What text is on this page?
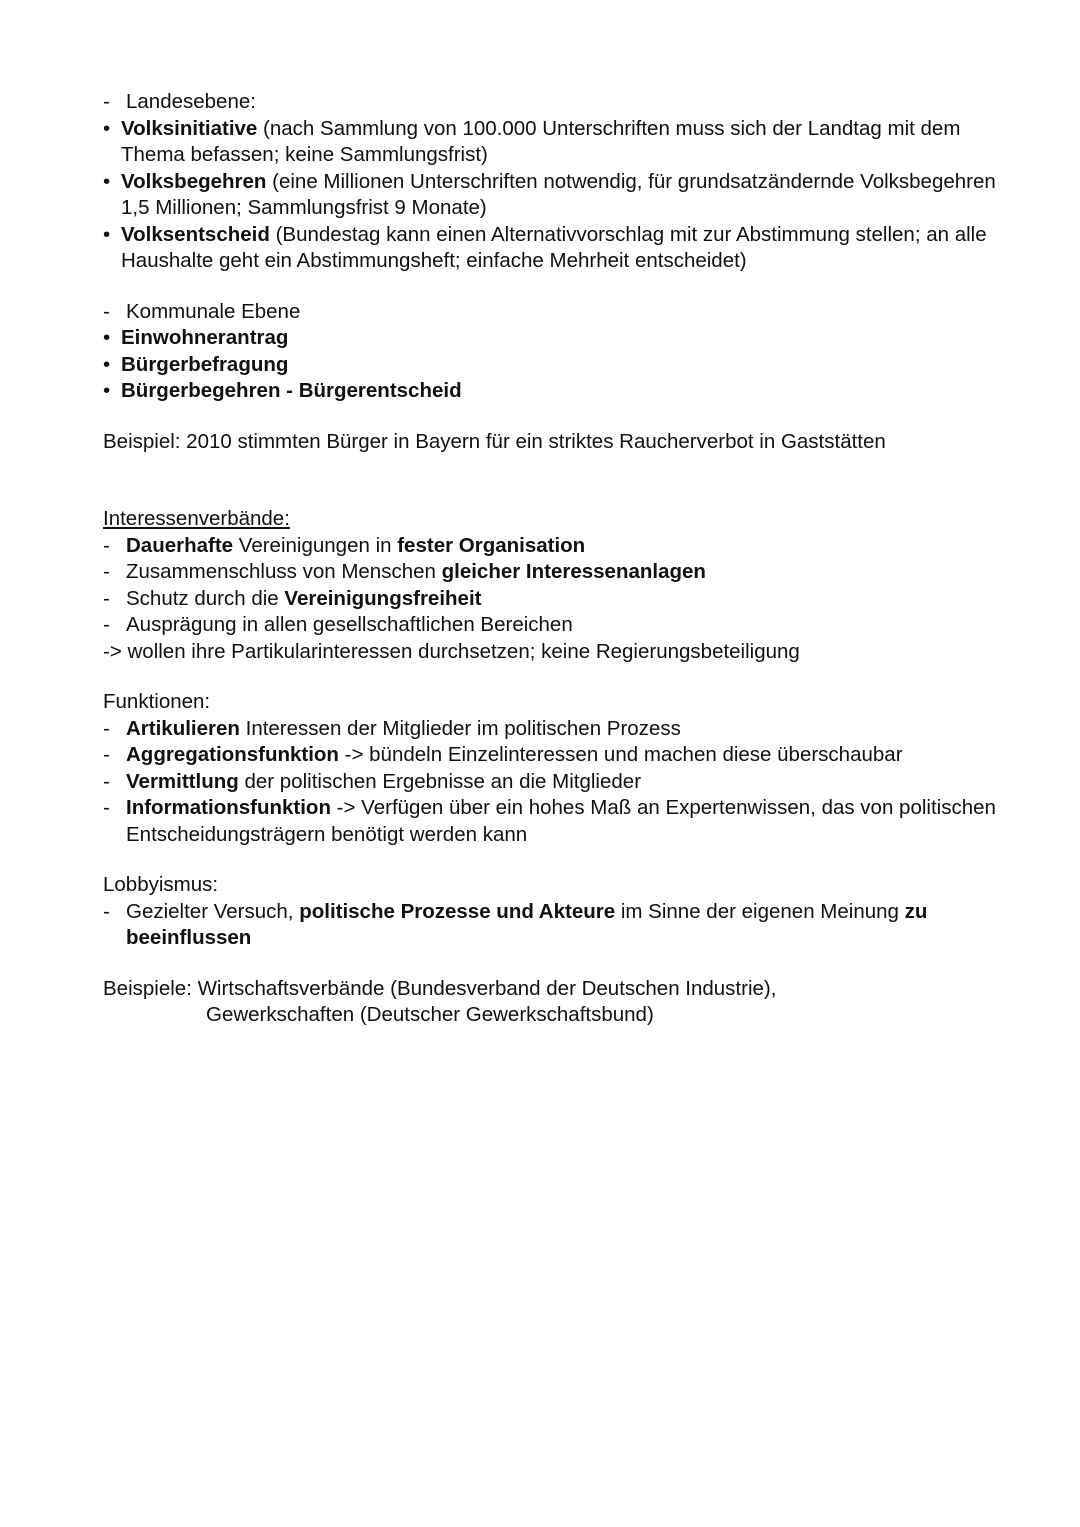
- Landesebene:
• Volksinitiative (nach Sammlung von 100.000 Unterschriften muss sich der Landtag mit dem Thema befassen; keine Sammlungsfrist)
• Volksbegehren (eine Millionen Unterschriften notwendig, für grundsatzändernde Volksbegehren 1,5 Millionen; Sammlungsfrist 9 Monate)
• Volksentscheid (Bundestag kann einen Alternativvorschlag mit zur Abstimmung stellen; an alle Haushalte geht ein Abstimmungsheft; einfache Mehrheit entscheidet)
- Kommunale Ebene
• Einwohnerantrag
• Bürgerbefragung
• Bürgerbegehren - Bürgerentscheid
Beispiel: 2010 stimmten Bürger in Bayern für ein striktes Raucherverbot in Gaststätten
Interessenverbände:
- Dauerhafte Vereinigungen in fester Organisation
- Zusammenschluss von Menschen gleicher Interessenanlagen
- Schutz durch die Vereinigungsfreiheit
- Ausprägung in allen gesellschaftlichen Bereichen
-> wollen ihre Partikularinteressen durchsetzen; keine Regierungsbeteiligung
Funktionen:
- Artikulieren Interessen der Mitglieder im politischen Prozess
- Aggregationsfunktion -> bündeln Einzelinteressen und machen diese überschaubar
- Vermittlung der politischen Ergebnisse an die Mitglieder
- Informationsfunktion -> Verfügen über ein hohes Maß an Expertenwissen, das von politischen Entscheidungsträgern benötigt werden kann
Lobbyismus:
- Gezielter Versuch, politische Prozesse und Akteure im Sinne der eigenen Meinung zu beeinflussen
Beispiele: Wirtschaftsverbände (Bundesverband der Deutschen Industrie),
Gewerkschaften (Deutscher Gewerkschaftsbund)
